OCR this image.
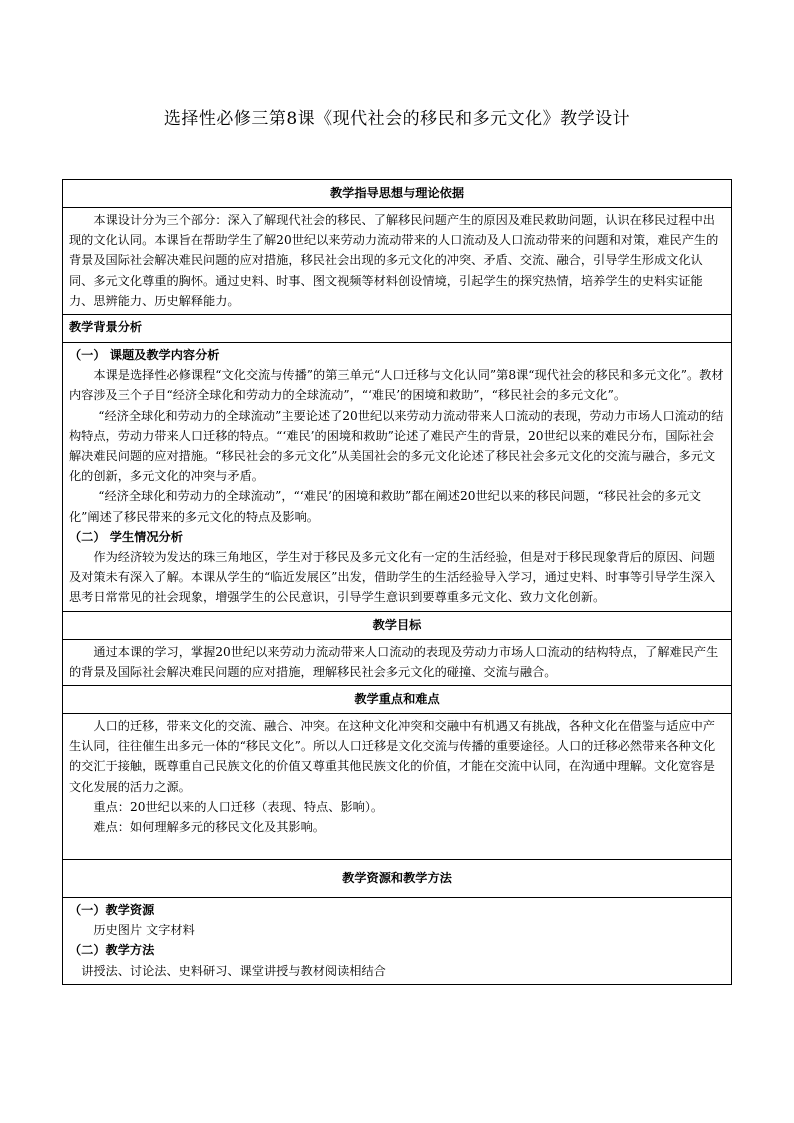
选择性必修三第8课《现代社会的移民和多元文化》教学设计
教学指导思想与理论依据

本课设计分为三个部分：深入了解现代社会的移民、了解移民问题产生的原因及难民救助问题，认识在移民过程中出现的文化认同。本课旨在帮助学生了解20世纪以来劳动力流动带来的人口流动及人口流动带来的问题和对策，难民产生的背景及国际社会解决难民问题的应对措施，移民社会出现的多元文化的冲突、矛盾、交流、融合，引导学生形成文化认同、多元文化尊重的胸怀。通过史料、时事、图文视频等材料创设情境，引起学生的探究热情，培养学生的史料实证能力、思辨能力、历史解释能力。

教学背景分析

（一） 课题及教学内容分析

本课是选择性必修课程“文化交流与传播”的第三单元“人口迁移与文化认同”第8课“现代社会的移民和多元文化”。教材内容涉及三个子目“经济全球化和劳动力的全球流动”，“‘难民’的困境和救助”，“移民社会的多元文化”。

“经济全球化和劳动力的全球流动”主要论述了20世纪以来劳动力流动带来人口流动的表现，劳动力市场人口流动的结构特点，劳动力带来人口迁移的特点。“‘难民’的困境和救助”论述了难民产生的背景，20世纪以来的难民分布，国际社会解决难民问题的应对措施。“移民社会的多元文化”从美国社会的多元文化论述了移民社会多元文化的交流与融合，多元文化的创新，多元文化的冲突与矛盾。

“经济全球化和劳动力的全球流动”，“‘难民’的困境和救助”都在阐述20世纪以来的移民问题，“移民社会的多元文化”阐述了移民带来的多元文化的特点及影响。

（二） 学生情况分析

作为经济较为发达的珠三角地区，学生对于移民及多元文化有一定的生活经验，但是对于移民现象背后的原因、问题及对策未有深入了解。本课从学生的“临近发展区”出发，借助学生的生活经验导入学习，通过史料、时事等引导学生深入思考日常常见的社会现象，增强学生的公民意识，引导学生意识到要尊重多元文化、致力文化创新。

教学目标

通过本课的学习，掌握20世纪以来劳动力流动带来人口流动的表现及劳动力市场人口流动的结构特点，了解难民产生的背景及国际社会解决难民问题的应对措施，理解移民社会多元文化的碰撞、交流与融合。

教学重点和难点

人口的迁移，带来文化的交流、融合、冲突。在这种文化冲突和交融中有机遇又有挑战，各种文化在借鉴与适应中产生认同，往往催生出多元一体的“移民文化”。所以人口迁移是文化交流与传播的重要途径。人口的迁移必然带来各种文化的交汇于接触，既尊重自己民族文化的价值又尊重其他民族文化的价值，才能在交流中认同，在沟通中理解。文化宽容是文化发展的活力之源。

重点：20世纪以来的人口迁移（表现、特点、影响）。

难点：如何理解多元的移民文化及其影响。

教学资源和教学方法

（一）教学资源

历史图片 文字材料

（二）教学方法

讲授法、讨论法、史料研习、课堂讲授与教材阅读相结合
